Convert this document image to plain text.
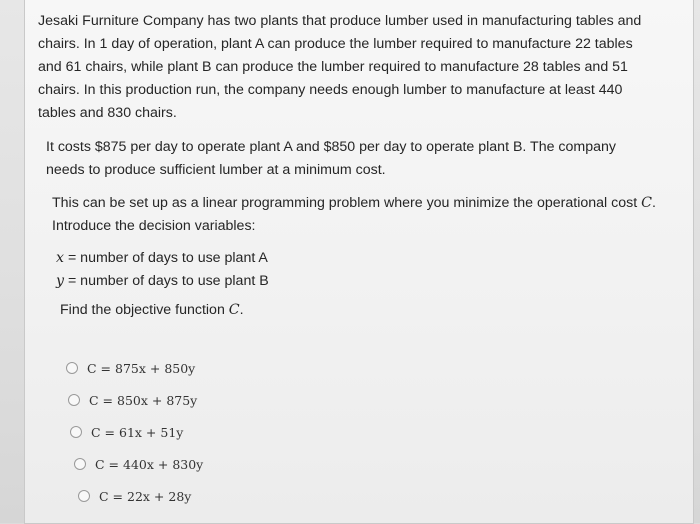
Jesaki Furniture Company has two plants that produce lumber used in manufacturing tables and chairs. In 1 day of operation, plant A can produce the lumber required to manufacture 22 tables and 61 chairs, while plant B can produce the lumber required to manufacture 28 tables and 51 chairs. In this production run, the company needs enough lumber to manufacture at least 440 tables and 830 chairs.
It costs $875 per day to operate plant A and $850 per day to operate plant B. The company needs to produce sufficient lumber at a minimum cost.
This can be set up as a linear programming problem where you minimize the operational cost C.
Introduce the decision variables:
x = number of days to use plant A
y = number of days to use plant B
Find the objective function C.
C = 875x + 850y
C = 850x + 875y
C = 61x + 51y
C = 440x + 830y
C = 22x + 28y
